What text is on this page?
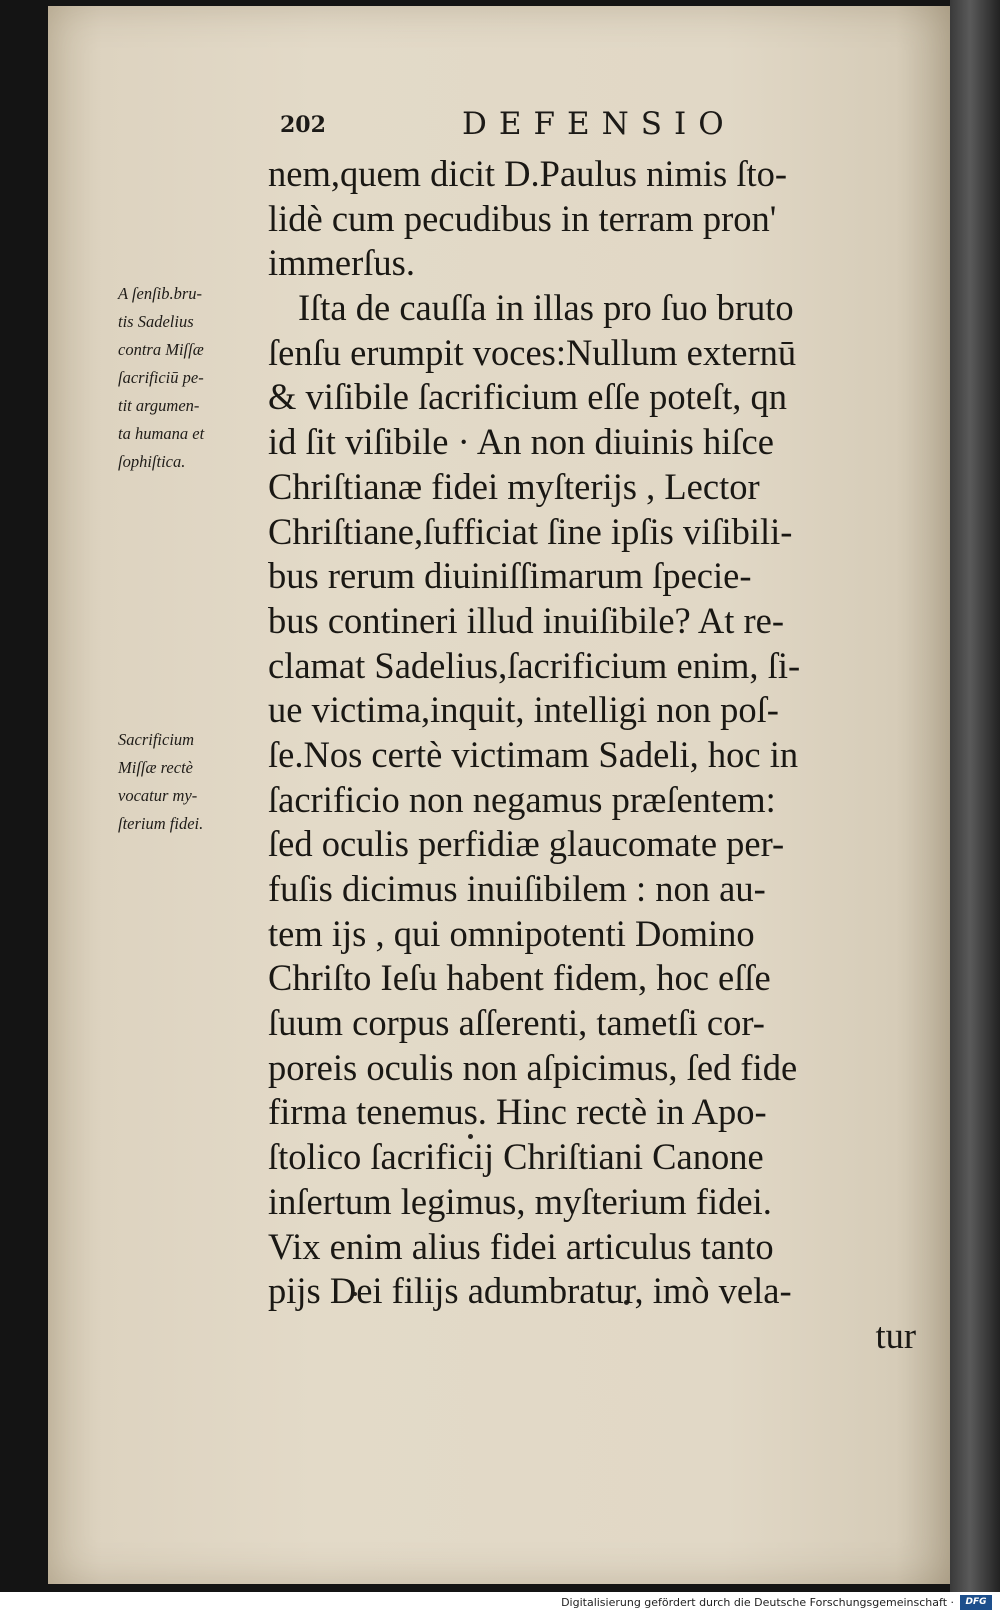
202	DEFENSIO
A ſenſib.bru-
tis Sadelius
contra Miſſæ
ſacrificiū pe-
tit argumen-
ta humana et
ſophiſtica.
Sacrificium
Miſſæ rectè
vocatur my-
ſterium fidei.
nem,quem dicit D.Paulus nimis ſto-
lidè cum pecudibus in terram pron'
immerſus.
Iſta de cauſſa in illas pro ſuo bruto
ſenſu erumpit voces:Nullum externū
& viſibile ſacrificium eſſe poteſt, qn
id ſit viſibile · An non diuinis hiſce
Chriſtianæ fidei myſterijs , Lector
Chriſtiane,ſufficiat ſine ipſis viſibili-
bus rerum diuiniſſimarum ſpecie-
bus contineri illud inuiſibile? At re-
clamat Sadelius,ſacrificium enim, ſi-
ue victima,inquit, intelligi non poſ-
ſe.Nos certè victimam Sadeli, hoc in
ſacrificio non negamus præſentem:
ſed oculis perfidiæ glaucomate per-
fuſis dicimus inuiſibilem : non au-
tem ijs , qui omnipotenti Domino
Chriſto Ieſu habent fidem, hoc eſſe
ſuum corpus aſſerenti, tametſi cor-
poreis oculis non aſpicimus, ſed fide
firma tenemus. Hinc rectè in Apo-
ſtolico ſacrificij Chriſtiani Canone
inſertum legimus, myſterium fidei.
Vix enim alius fidei articulus tanto
pijs Dei filijs adumbratur, imò vela-
tur
Digitalisierung gefördert durch die Deutsche Forschungsgemeinschaft ·	DFG
